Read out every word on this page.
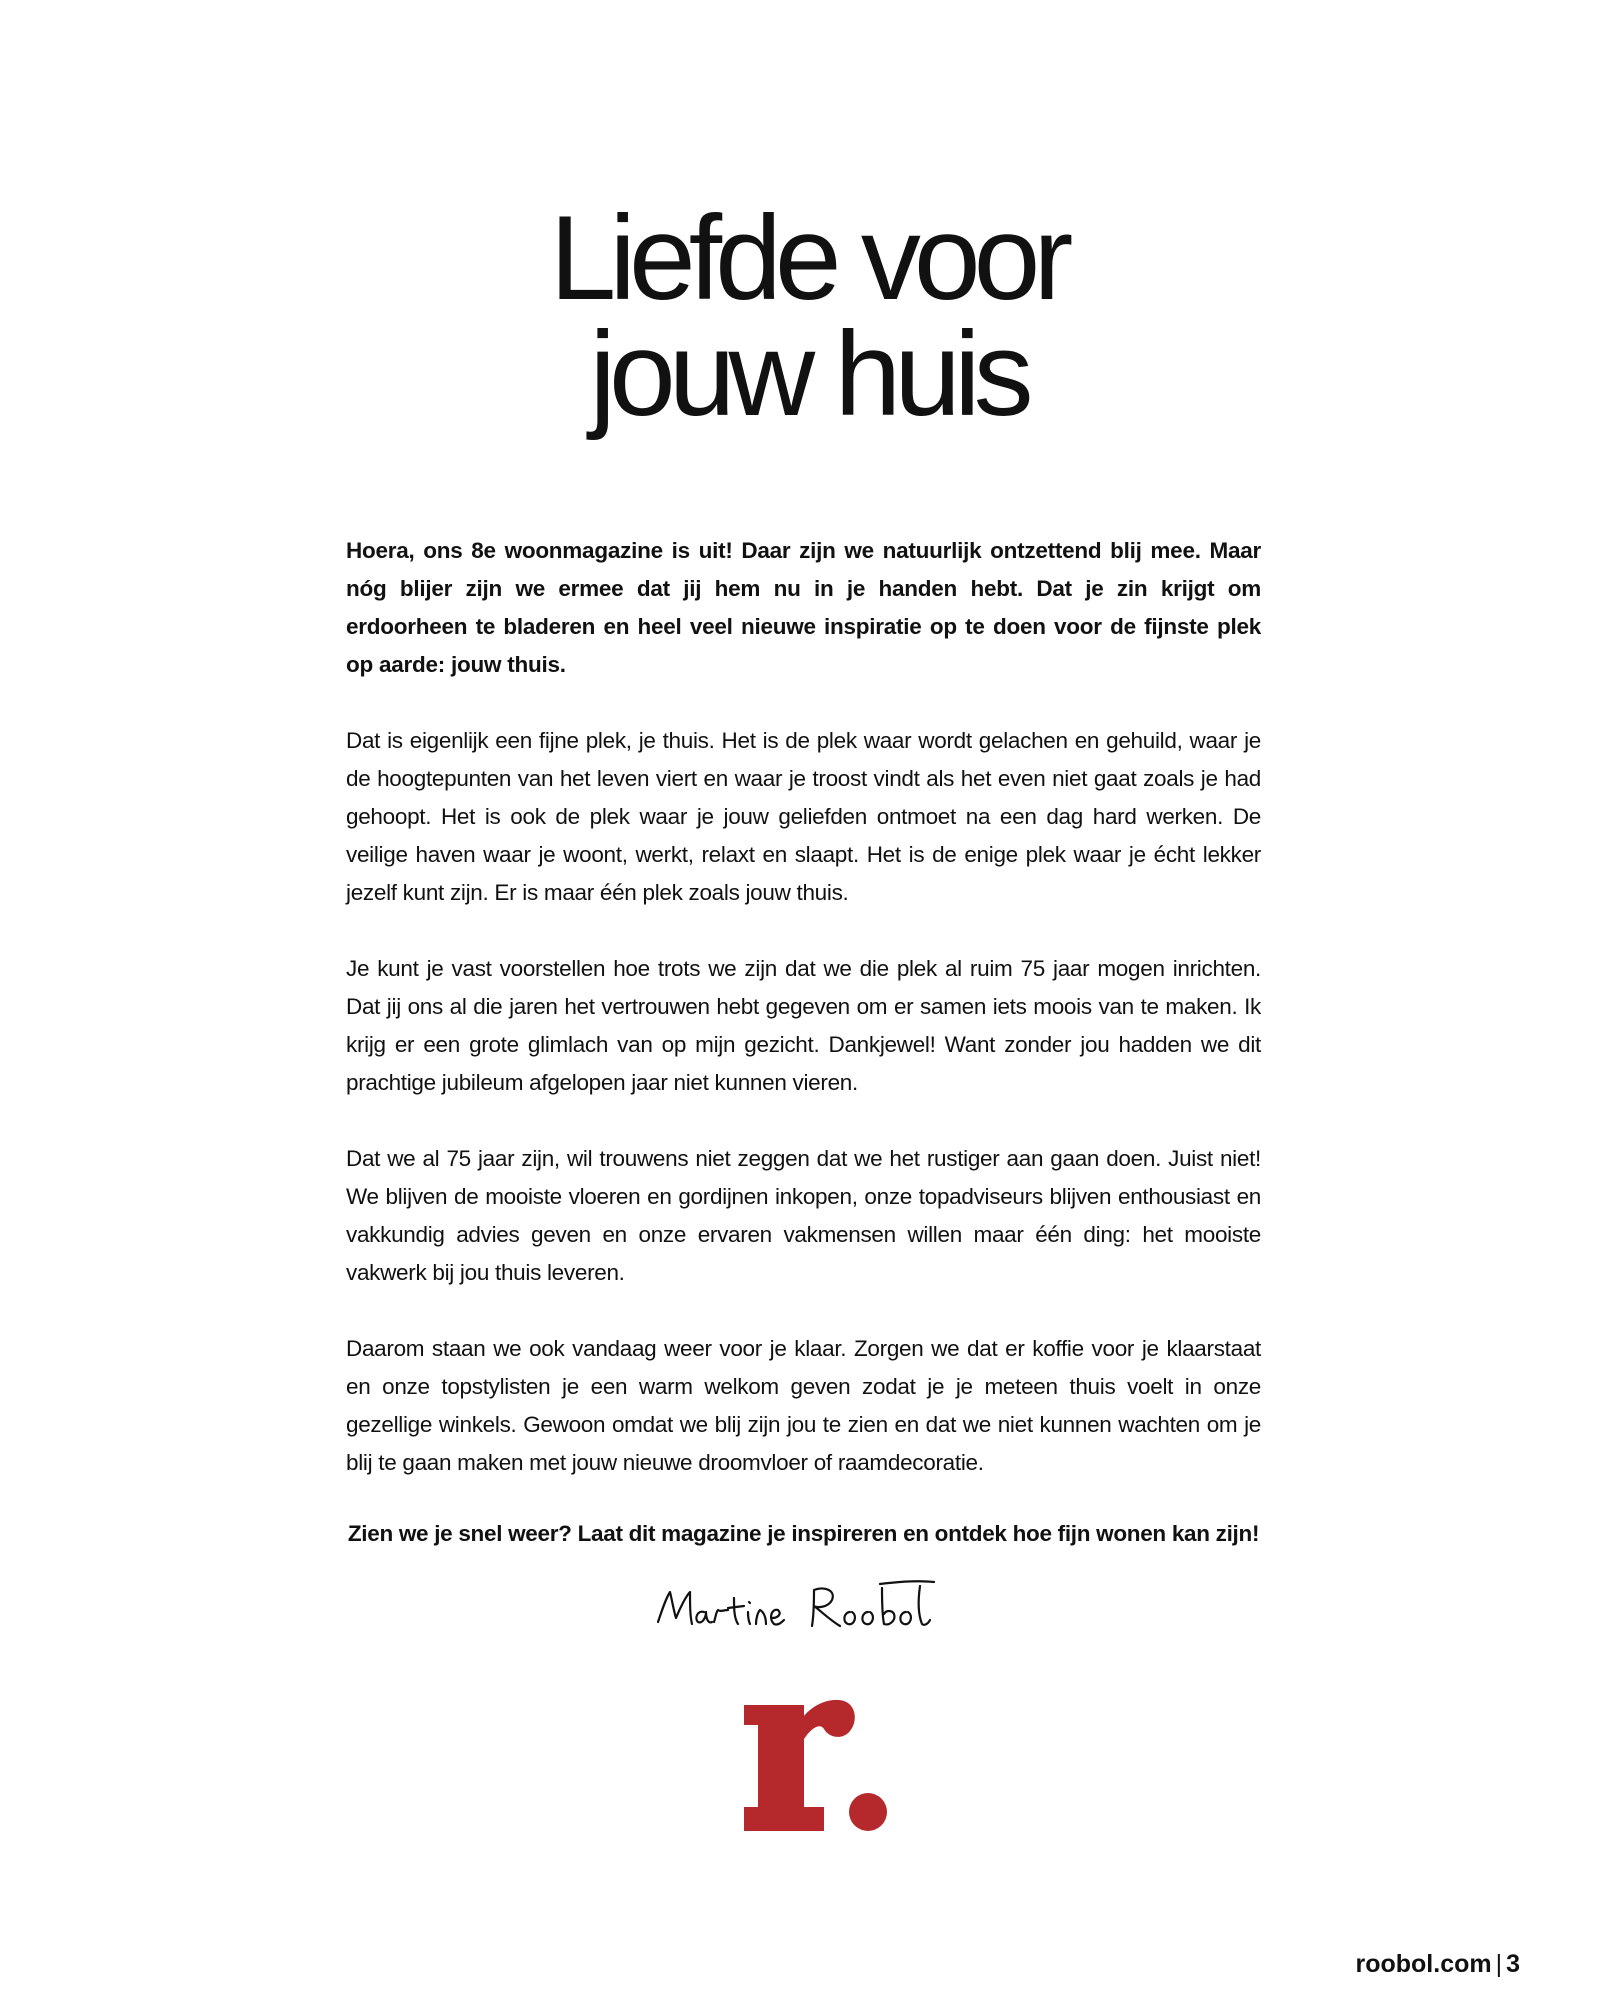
Liefde voor
jouw huis

Hoera, ons 8e woonmagazine is uit! Daar zijn we natuurlijk ontzettend blij mee. Maar nóg blijer zijn we ermee dat jij hem nu in je handen hebt. Dat je zin krijgt om erdoorheen te bladeren en heel veel nieuwe inspiratie op te doen voor de fijnste plek op aarde: jouw thuis.

Dat is eigenlijk een fijne plek, je thuis. Het is de plek waar wordt gelachen en gehuild, waar je de hoogtepunten van het leven viert en waar je troost vindt als het even niet gaat zoals je had gehoopt. Het is ook de plek waar je jouw geliefden ontmoet na een dag hard werken. De veilige haven waar je woont, werkt, relaxt en slaapt. Het is de enige plek waar je écht lekker jezelf kunt zijn. Er is maar één plek zoals jouw thuis.

Je kunt je vast voorstellen hoe trots we zijn dat we die plek al ruim 75 jaar mogen inrichten. Dat jij ons al die jaren het vertrouwen hebt gegeven om er samen iets moois van te maken. Ik krijg er een grote glimlach van op mijn gezicht. Dankjewel! Want zonder jou hadden we dit prachtige jubileum afgelopen jaar niet kunnen vieren.

Dat we al 75 jaar zijn, wil trouwens niet zeggen dat we het rustiger aan gaan doen. Juist niet! We blijven de mooiste vloeren en gordijnen inkopen, onze topadviseurs blijven enthousiast en vakkundig advies geven en onze ervaren vakmensen willen maar één ding: het mooiste vakwerk bij jou thuis leveren.

Daarom staan we ook vandaag weer voor je klaar. Zorgen we dat er koffie voor je klaarstaat en onze topstylisten je een warm welkom geven zodat je je meteen thuis voelt in onze gezellige winkels. Gewoon omdat we blij zijn jou te zien en dat we niet kunnen wachten om je blij te gaan maken met jouw nieuwe droomvloer of raamdecoratie.

Zien we je snel weer? Laat dit magazine je inspireren en ontdek hoe fijn wonen kan zijn!

roobol.com | 3
